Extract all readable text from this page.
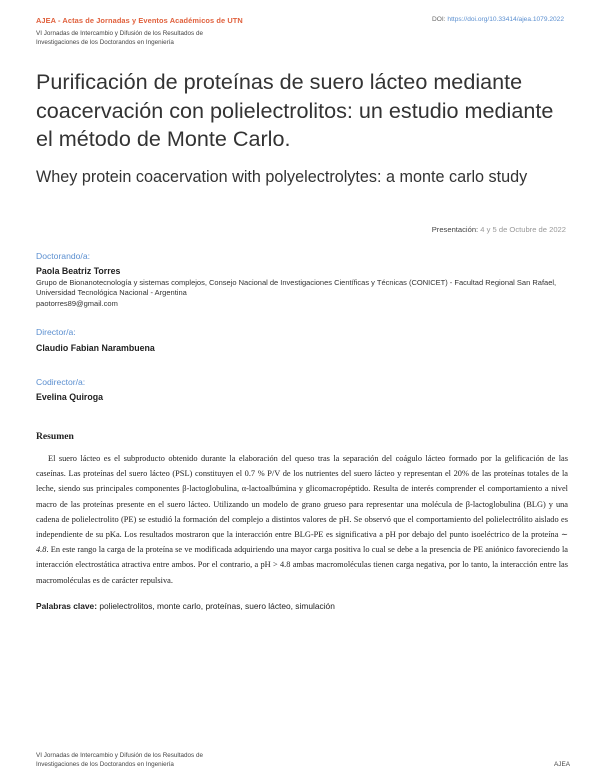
AJEA - Actas de Jornadas y Eventos Académicos de UTN	DOI: https://doi.org/10.33414/ajea.1079.2022
VI Jornadas de Intercambio y Difusión de los Resultados de
Investigaciones de los Doctorandos en Ingeniería
Purificación de proteínas de suero lácteo mediante coacervación con polielectrolitos: un estudio mediante el método de Monte Carlo.
Whey protein coacervation with polyelectrolytes: a monte carlo study
Presentación: 4 y 5 de Octubre de 2022
Doctorando/a:
Paola Beatriz Torres
Grupo de Bionanotecnología y sistemas complejos, Consejo Nacional de Investigaciones Científicas y Técnicas (CONICET) - Facultad Regional San Rafael, Universidad Tecnológica Nacional - Argentina
paotorres89@gmail.com
Director/a:
Claudio Fabian Narambuena
Codirector/a:
Evelina Quiroga
Resumen

El suero lácteo es el subproducto obtenido durante la elaboración del queso tras la separación del coágulo lácteo formado por la gelificación de las caseínas. Las proteínas del suero lácteo (PSL) constituyen el 0.7 % P/V de los nutrientes del suero lácteo y representan el 20% de las proteínas totales de la leche, siendo sus principales componentes β-lactoglobulina, α-lactoalbúmina y glicomacropéptido. Resulta de interés comprender el comportamiento a nivel macro de las proteínas presente en el suero lácteo. Utilizando un modelo de grano grueso para representar una molécula de β-lactoglobulina (BLG) y una cadena de polielectrolito (PE) se estudió la formación del complejo a distintos valores de pH. Se observó que el comportamiento del polielectrólito aislado es independiente de su pKa. Los resultados mostraron que la interacción entre BLG-PE es significativa a pH por debajo del punto isoeléctrico de la proteína ∼ 4.8. En este rango la carga de la proteína se ve modificada adquiriendo una mayor carga positiva lo cual se debe a la presencia de PE aniónico favoreciendo la interacción electrostática atractiva entre ambos. Por el contrario, a pH > 4.8 ambas macromoléculas tienen carga negativa, por lo tanto, la interacción entre las macromoléculas es de carácter repulsiva.

Palabras clave: polielectrolitos, monte carlo, proteínas, suero lácteo, simulación
VI Jornadas de Intercambio y Difusión de los Resultados de
Investigaciones de los Doctorandos en Ingeniería	AJEA
